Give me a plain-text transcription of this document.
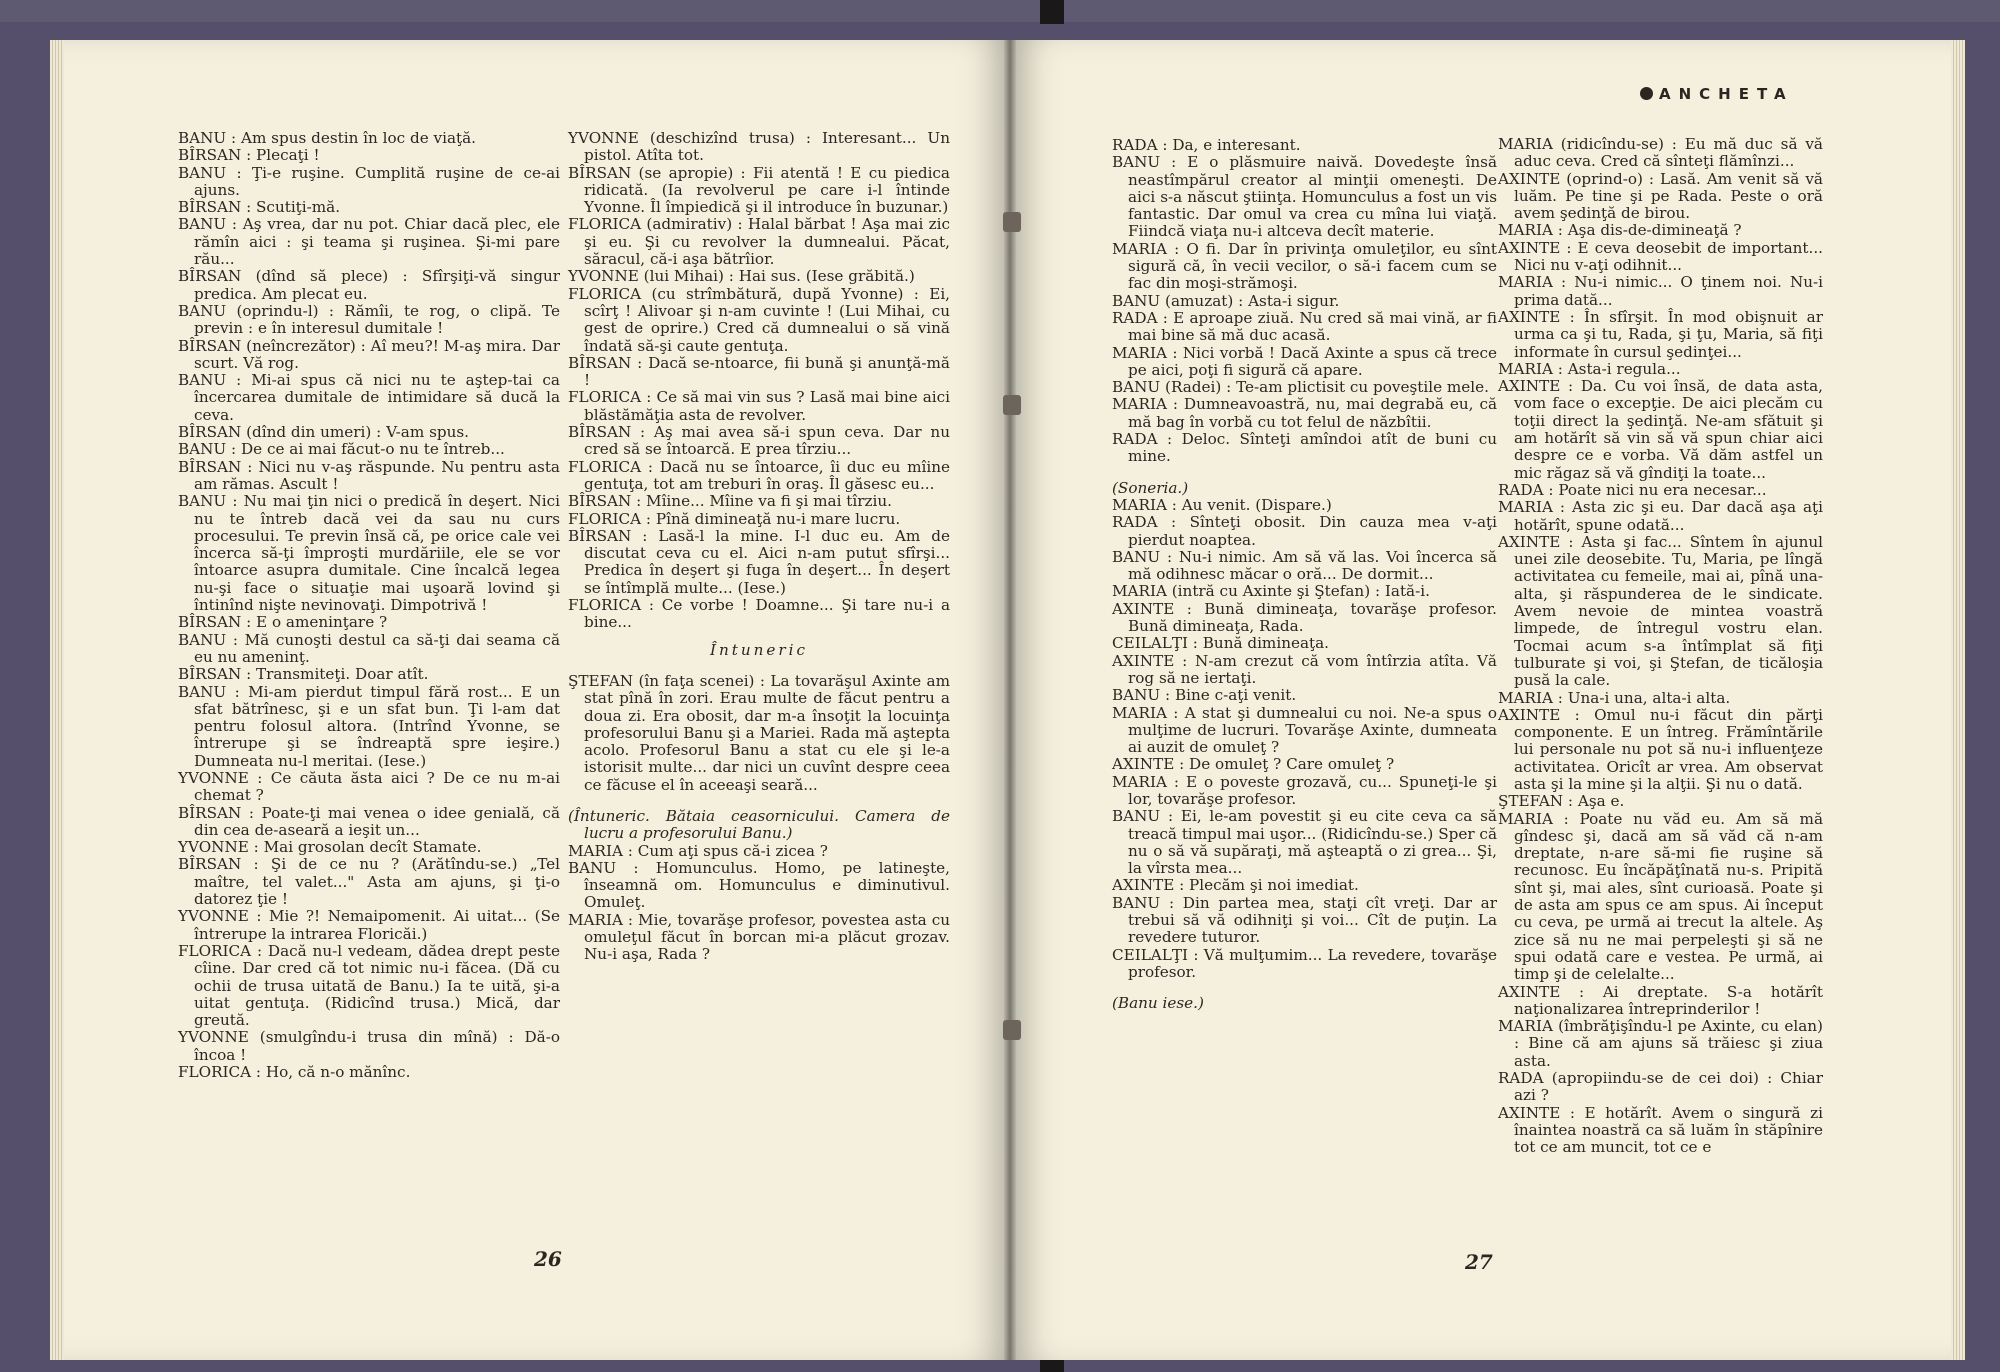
BANU : Am spus destin în loc de viaţă.

BÎRSAN : Plecaţi !

BANU : Ţi-e ruşine. Cumplită ruşine de ce-ai ajuns.

BÎRSAN : Scutiţi-mă.

BANU : Aş vrea, dar nu pot. Chiar dacă plec, ele rămîn aici : şi teama şi ruşinea. Şi-mi pare rău...

BÎRSAN (dînd să plece) : Sfîrşiţi-vă singur predica. Am plecat eu.

BANU (oprindu-l) : Rămîi, te rog, o clipă. Te previn : e în interesul dumitale !

BÎRSAN (neîncrezător) : Aî meu?! M-aş mira. Dar scurt. Vă rog.

BANU : Mi-ai spus că nici nu te aştep-tai ca încercarea dumitale de intimidare să ducă la ceva.

BÎRSAN (dînd din umeri) : V-am spus.

BANU : De ce ai mai făcut-o nu te întreb...

BÎRSAN : Nici nu v-aş răspunde. Nu pentru asta am rămas. Ascult !

BANU : Nu mai ţin nici o predică în deşert. Nici nu te întreb dacă vei da sau nu curs procesului. Te previn însă că, pe orice cale vei încerca să-ţi împroşti murdăriile, ele se vor întoarce asupra dumitale. Cine încalcă legea nu-şi face o situaţie mai uşoară lovind şi întinînd nişte nevinovaţi. Dimpotrivă !

BÎRSAN : E o ameninţare ?

BANU : Mă cunoşti destul ca să-ţi dai seama că eu nu ameninţ.

BÎRSAN : Transmiteţi. Doar atît.

BANU : Mi-am pierdut timpul fără rost... E un sfat bătrînesc, şi e un sfat bun. Ţi l-am dat pentru folosul altora. (Intrînd Yvonne, se întrerupe şi se îndreaptă spre ieşire.) Dumneata nu-l meritai. (Iese.)

YVONNE : Ce căuta ăsta aici ? De ce nu m-ai chemat ?

BÎRSAN : Poate-ţi mai venea o idee genială, că din cea de-aseară a ieşit un...

YVONNE : Mai grosolan decît Stamate.

BÎRSAN : Şi de ce nu ? (Arătîndu-se.) „Tel maître, tel valet..." Asta am ajuns, şi ţi-o datorez ţie !

YVONNE : Mie ?! Nemaipomenit. Ai uitat... (Se întrerupe la intrarea Floricăi.)

FLORICA : Dacă nu-l vedeam, dădea drept peste cîine. Dar cred că tot nimic nu-i făcea. (Dă cu ochii de trusa uitată de Banu.) Ia te uită, şi-a uitat gentuţa. (Ridicînd trusa.) Mică, dar greută.

YVONNE (smulgîndu-i trusa din mînă) : Dă-o încoa !

FLORICA : Ho, că n-o mănînc.

YVONNE (deschizînd trusa) : Interesant... Un pistol. Atîta tot.

BÎRSAN (se apropie) : Fii atentă ! E cu piedica ridicată. (Ia revolverul pe care i-l întinde Yvonne. Îl împiedică şi il introduce în buzunar.)

FLORICA (admirativ) : Halal bărbat ! Aşa mai zic şi eu. Şi cu revolver la dumnealui. Păcat, săracul, că-i aşa bătrîior.

YVONNE (lui Mihai) : Hai sus. (Iese grăbită.)

FLORICA (cu strîmbătură, după Yvonne) : Ei, scîrţ ! Alivoar şi n-am cuvinte ! (Lui Mihai, cu gest de oprire.) Cred că dumnealui o să vină îndată să-şi caute gentuţa.

BÎRSAN : Dacă se-ntoarce, fii bună şi anunţă-mă !

FLORICA : Ce să mai vin sus ? Lasă mai bine aici blăstămăţia asta de revolver.

BÎRSAN : Aş mai avea să-i spun ceva. Dar nu cred să se întoarcă. E prea tîrziu...

FLORICA : Dacă nu se întoarce, îi duc eu mîine gentuţa, tot am treburi în oraş. Îl găsesc eu...

BÎRSAN : Mîine... Mîine va fi şi mai tîrziu.

FLORICA : Pînă dimineaţă nu-i mare lucru.

BÎRSAN : Lasă-l la mine. I-l duc eu. Am de discutat ceva cu el. Aici n-am putut sfîrşi... Predica în deşert şi fuga în deşert... În deşert se întîmplă multe... (Iese.)

FLORICA : Ce vorbe ! Doamne... Şi tare nu-i a bine...

Întuneric

ŞTEFAN (în faţa scenei) : La tovarăşul Axinte am stat pînă în zori. Erau multe de făcut pentru a doua zi. Era obosit, dar m-a însoţit la locuinţa profesorului Banu şi a Mariei. Rada mă aştepta acolo. Profesorul Banu a stat cu ele şi le-a istorisit multe... dar nici un cuvînt despre ceea ce făcuse el în aceeaşi seară...

(Întuneric. Bătaia ceasornicului. Camera de lucru a profesorului Banu.)

MARIA : Cum aţi spus că-i zicea ?

BANU : Homunculus. Homo, pe latineşte, înseamnă om. Homunculus e diminutivul. Omuleţ.

MARIA : Mie, tovarăşe profesor, povestea asta cu omuleţul făcut în borcan mi-a plăcut grozav. Nu-i aşa, Rada ?

26

RADA : Da, e interesant.

BANU : E o plăsmuire naivă. Dovedeşte însă neastîmpărul creator al minţii omeneşti. De aici s-a născut ştiinţa. Homunculus a fost un vis fantastic. Dar omul va crea cu mîna lui viaţă. Fiindcă viaţa nu-i altceva decît materie.

MARIA : O fi. Dar în privinţa omuleţilor, eu sînt sigură că, în vecii vecilor, o să-i facem cum se fac din moşi-strămoşi.

BANU (amuzat) : Asta-i sigur.

RADA : E aproape ziuă. Nu cred să mai vină, ar fi mai bine să mă duc acasă.

MARIA : Nici vorbă ! Dacă Axinte a spus că trece pe aici, poţi fi sigură că apare.

BANU (Radei) : Te-am plictisit cu poveştile mele.

MARIA : Dumneavoastră, nu, mai degrabă eu, că mă bag în vorbă cu tot felul de năzbîtii.

RADA : Deloc. Sînteţi amîndoi atît de buni cu mine.

(Soneria.)

MARIA : Au venit. (Dispare.)

RADA : Sînteţi obosit. Din cauza mea v-aţi pierdut noaptea.

BANU : Nu-i nimic. Am să vă las. Voi încerca să mă odihnesc măcar o oră... De dormit...

MARIA (intră cu Axinte şi Ştefan) : Iată-i.

AXINTE : Bună dimineaţa, tovarăşe profesor. Bună dimineaţa, Rada.

CEILALŢI : Bună dimineaţa.

AXINTE : N-am crezut că vom întîrzia atîta. Vă rog să ne iertaţi.

BANU : Bine c-aţi venit.

MARIA : A stat şi dumnealui cu noi. Ne-a spus o mulţime de lucruri. Tovarăşe Axinte, dumneata ai auzit de omuleţ ?

AXINTE : De omuleţ ? Care omuleţ ?

MARIA : E o poveste grozavă, cu... Spuneţi-le şi lor, tovarăşe profesor.

BANU : Ei, le-am povestit şi eu cite ceva ca să treacă timpul mai uşor... (Ridicîndu-se.) Sper că nu o să vă supăraţi, mă aşteaptă o zi grea... Şi, la vîrsta mea...

AXINTE : Plecăm şi noi imediat.

BANU : Din partea mea, staţi cît vreţi. Dar ar trebui să vă odihniţi şi voi... Cît de puţin. La revedere tuturor.

CEILALŢI : Vă mulţumim... La revedere, tovarăşe profesor.

(Banu iese.)

MARIA (ridicîndu-se) : Eu mă duc să vă aduc ceva. Cred că sînteţi flămînzi...

AXINTE (oprind-o) : Lasă. Am venit să vă luăm. Pe tine şi pe Rada. Peste o oră avem şedinţă de birou.

MARIA : Aşa dis-de-dimineaţă ?

AXINTE : E ceva deosebit de important... Nici nu v-aţi odihnit...

MARIA : Nu-i nimic... O ţinem noi. Nu-i prima dată...

AXINTE : În sfîrşit. În mod obişnuit ar urma ca şi tu, Rada, şi ţu, Maria, să fiţi informate în cursul şedinţei...

MARIA : Asta-i regula...

AXINTE : Da. Cu voi însă, de data asta, vom face o excepţie. De aici plecăm cu toţii direct la şedinţă. Ne-am sfătuit şi am hotărît să vin să vă spun chiar aici despre ce e vorba. Vă dăm astfel un mic răgaz să vă gîndiţi la toate...

RADA : Poate nici nu era necesar...

MARIA : Asta zic şi eu. Dar dacă aşa aţi hotărît, spune odată...

AXINTE : Asta şi fac... Sîntem în ajunul unei zile deosebite. Tu, Maria, pe lîngă activitatea cu femeile, mai ai, pînă una-alta, şi răspunderea de le sindicate. Avem nevoie de mintea voastră limpede, de întregul vostru elan. Tocmai acum s-a întîmplat să fiţi tulburate şi voi, şi Ştefan, de ticăloşia pusă la cale.

MARIA : Una-i una, alta-i alta.

AXINTE : Omul nu-i făcut din părţi componente. E un întreg. Frămîntările lui personale nu pot să nu-i influenţeze activitatea. Oricît ar vrea. Am observat asta şi la mine şi la alţii. Şi nu o dată.

ŞTEFAN : Aşa e.

MARIA : Poate nu văd eu. Am să mă gîndesc şi, dacă am să văd că n-am dreptate, n-are să-mi fie ruşine să recunosc. Eu încăpăţînată nu-s. Pripită sînt şi, mai ales, sînt curioasă. Poate şi de asta am spus ce am spus. Ai început cu ceva, pe urmă ai trecut la altele. Aş zice să nu ne mai perpeleşti şi să ne spui odată care e vestea. Pe urmă, ai timp şi de celelalte...

AXINTE : Ai dreptate. S-a hotărît naţionalizarea întreprinderilor !

MARIA (îmbrăţişîndu-l pe Axinte, cu elan) : Bine că am ajuns să trăiesc şi ziua asta.

RADA (apropiindu-se de cei doi) : Chiar azi ?

AXINTE : E hotărît. Avem o singură zi înaintea noastră ca să luăm în stăpînire tot ce am muncit, tot ce e

27
ANCHETA
